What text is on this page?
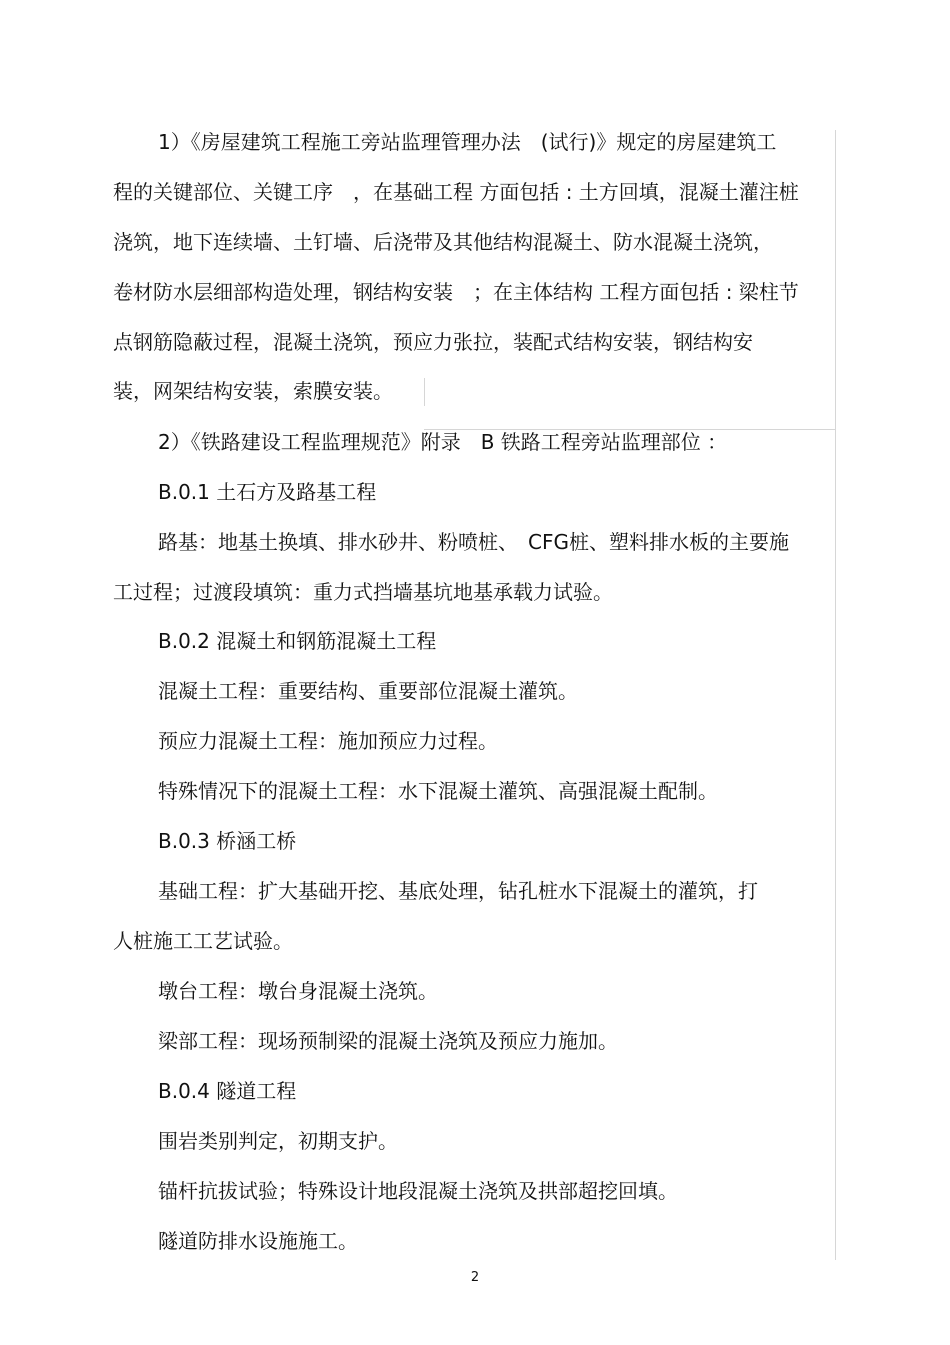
1）《房屋建筑工程施工旁站监理管理办法　(试行)》规定的房屋建筑工
程的关键部位、关键工序　，在基础工程 方面包括 : 土方回填，混凝土灌注桩
浇筑，地下连续墙、土钉墙、后浇带及其他结构混凝土、防水混凝土浇筑，
卷材防水层细部构造处理，钢结构安装　；在主体结构 工程方面包括 : 梁柱节
点钢筋隐蔽过程，混凝土浇筑，预应力张拉，装配式结构安装，钢结构安
装，网架结构安装，索膜安装。
2）《铁路建设工程监理规范》附录　B 铁路工程旁站监理部位 ：
B.0.1 土石方及路基工程
路基：地基土换填、排水砂井、粉喷桩、　CFG桩、塑料排水板的主要施
工过程；过渡段填筑：重力式挡墙基坑地基承载力试验。
B.0.2 混凝土和钢筋混凝土工程
混凝土工程：重要结构、重要部位混凝土灌筑。
预应力混凝土工程：施加预应力过程。
特殊情况下的混凝土工程：水下混凝土灌筑、高强混凝土配制。
B.0.3 桥涵工桥
基础工程：扩大基础开挖、基底处理，钻孔桩水下混凝土的灌筑，打
人桩施工工艺试验。
墩台工程：墩台身混凝土浇筑。
梁部工程：现场预制梁的混凝土浇筑及预应力施加。
B.0.4 隧道工程
围岩类别判定，初期支护。
锚杆抗拔试验；特殊设计地段混凝土浇筑及拱部超挖回填。
隧道防排水设施施工。
2
